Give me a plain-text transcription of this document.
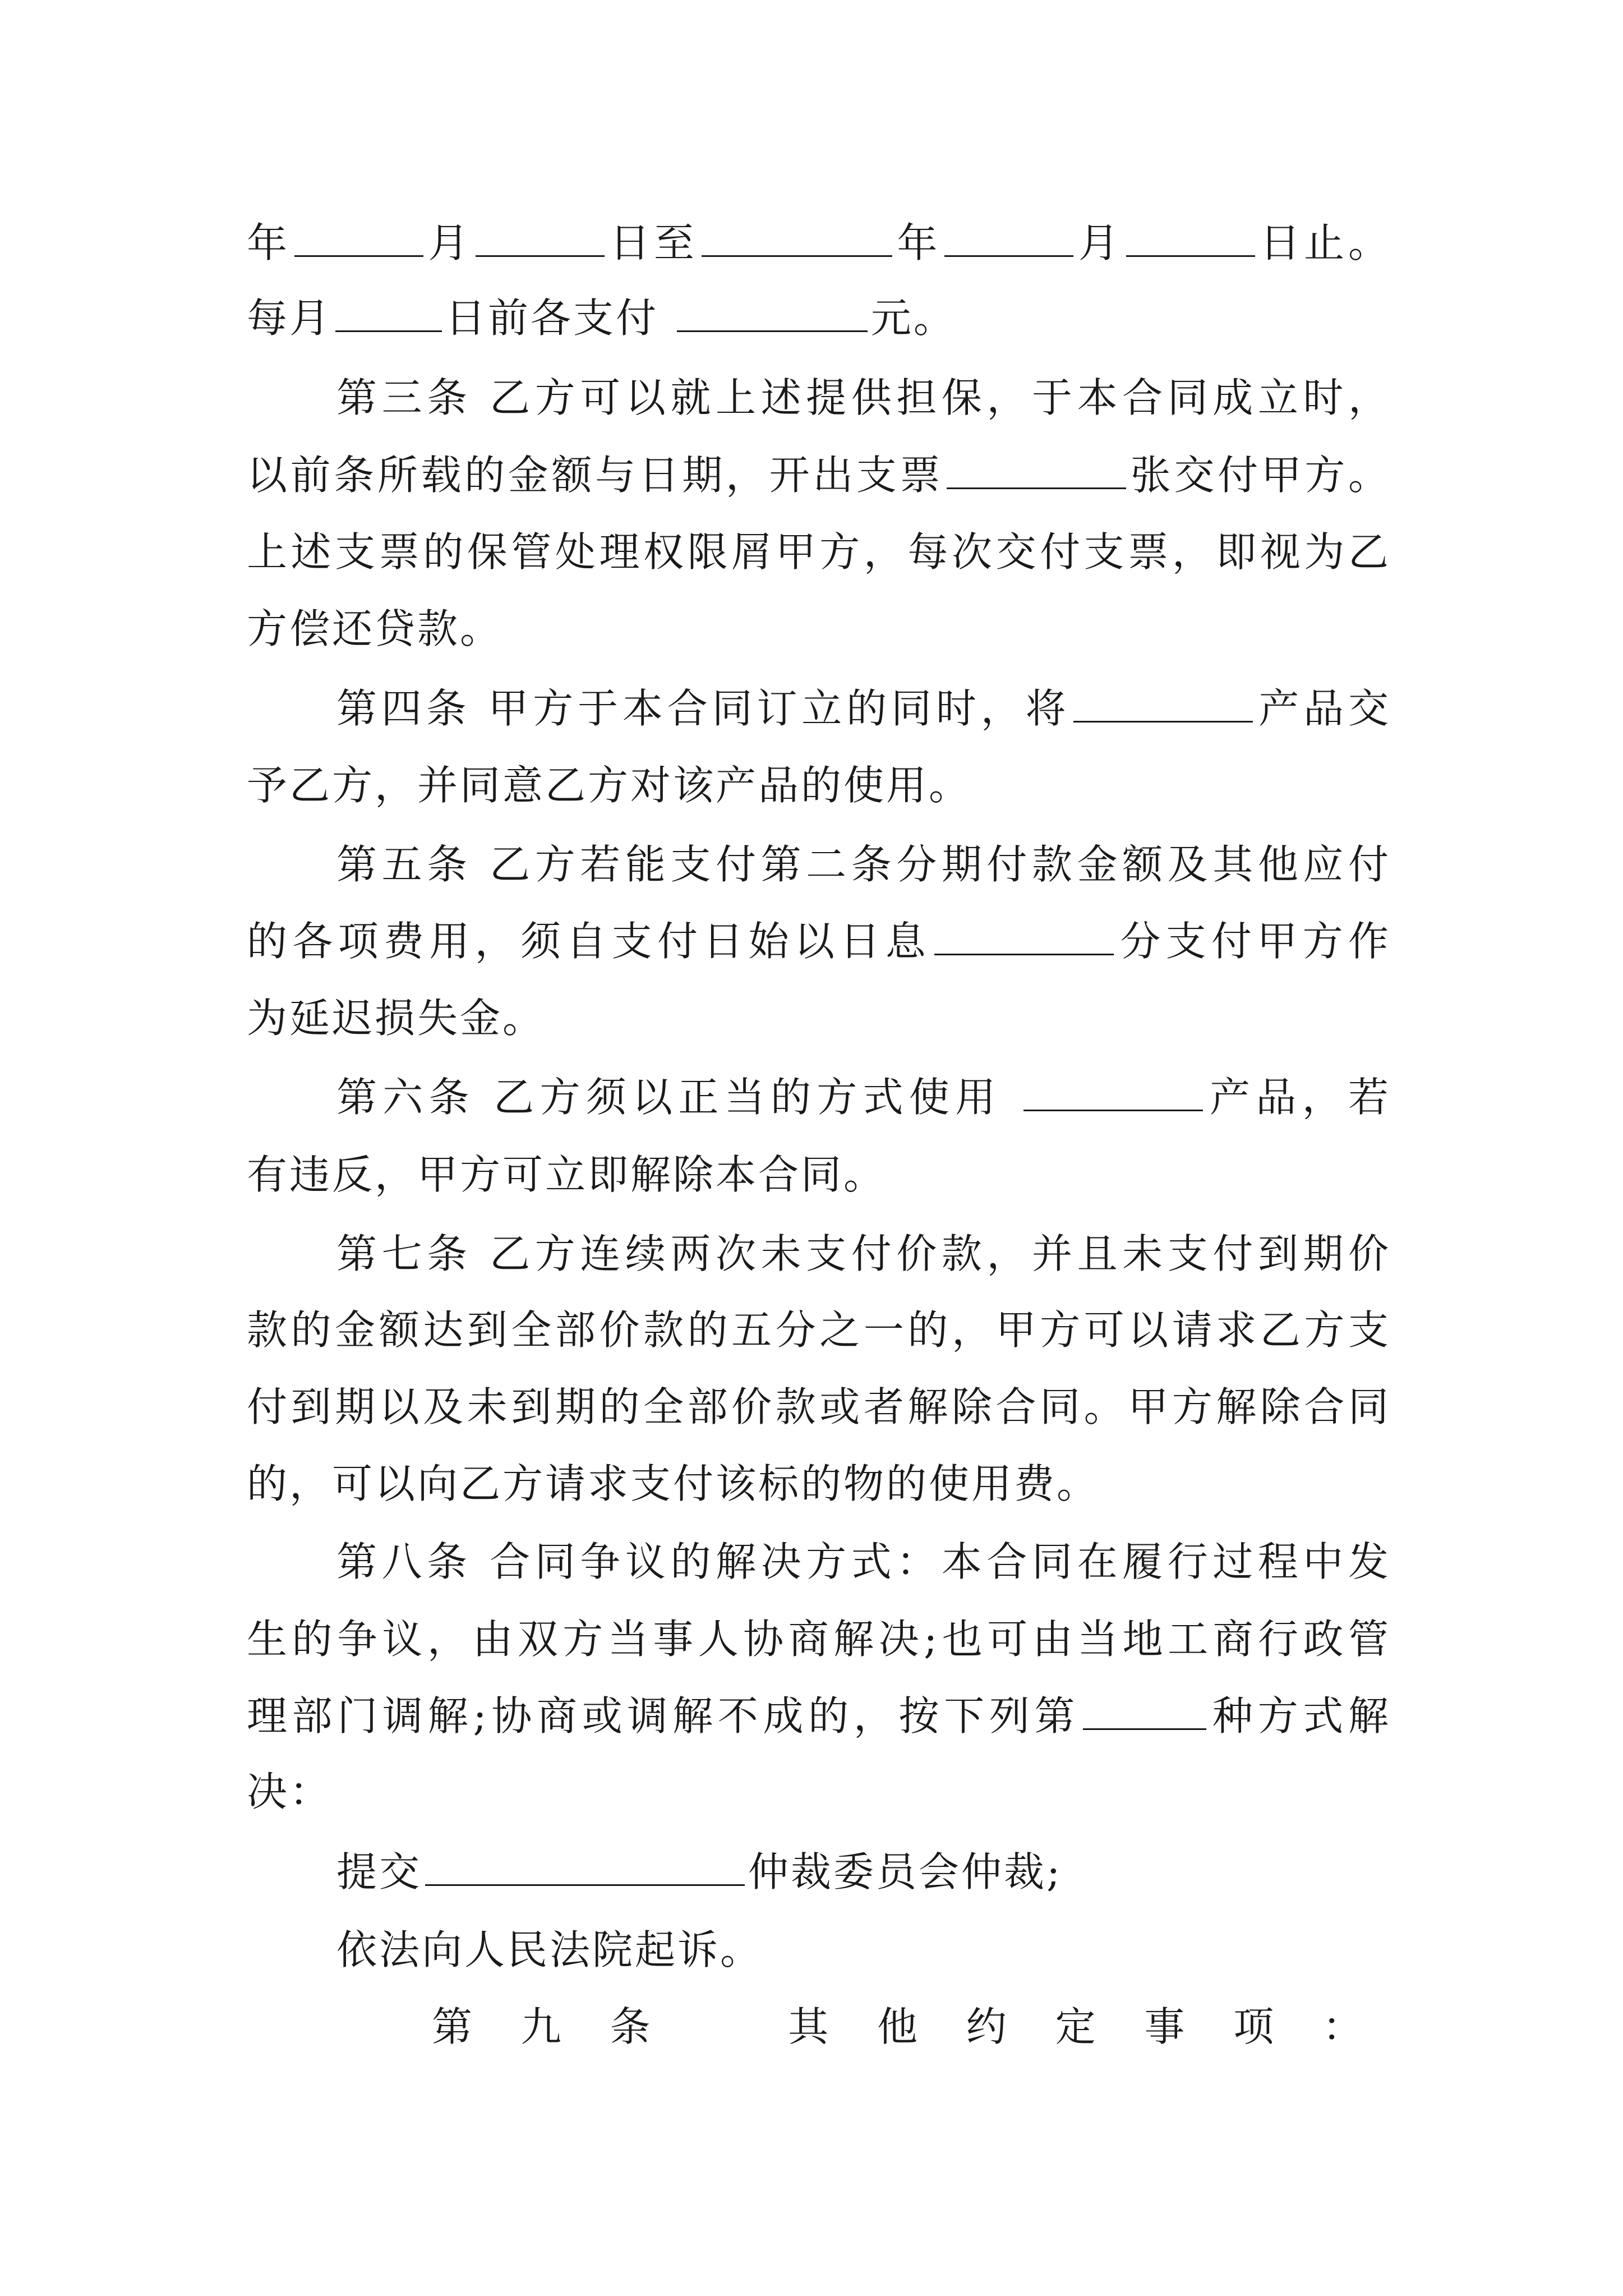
年	月	日至	年	月	日止。
每月	日前各支付	元。
第三条 乙方可以就上述提供担保，于本合同成立时，
以前条所载的金额与日期，开出支票	张交付甲方。
上述支票的保管处理权限屑甲方，每次交付支票，即视为乙
方偿还贷款。
第四条 甲方于本合同订立的同时，将	产品交
予乙方，并同意乙方对该产品的使用。
第五条 乙方若能支付第二条分期付款金额及其他应付
的各项费用，须自支付日始以日息	分支付甲方作
为延迟损失金。
第六条 乙方须以正当的方式使用	产品，若
有违反，甲方可立即解除本合同。
第七条 乙方连续两次未支付价款，并且未支付到期价
款的金额达到全部价款的五分之一的，甲方可以请求乙方支
付到期以及未到期的全部价款或者解除合同。甲方解除合同
的，可以向乙方请求支付该标的物的使用费。
第八条 合同争议的解决方式：本合同在履行过程中发
生的争议，由双方当事人协商解决;也可由当地工商行政管
理部门调解;协商或调解不成的，按下列第	种方式解
决：
提交	仲裁委员会仲裁;
依法向人民法院起诉。
第 九 条 　 其 他 约 定 事 项 ：
